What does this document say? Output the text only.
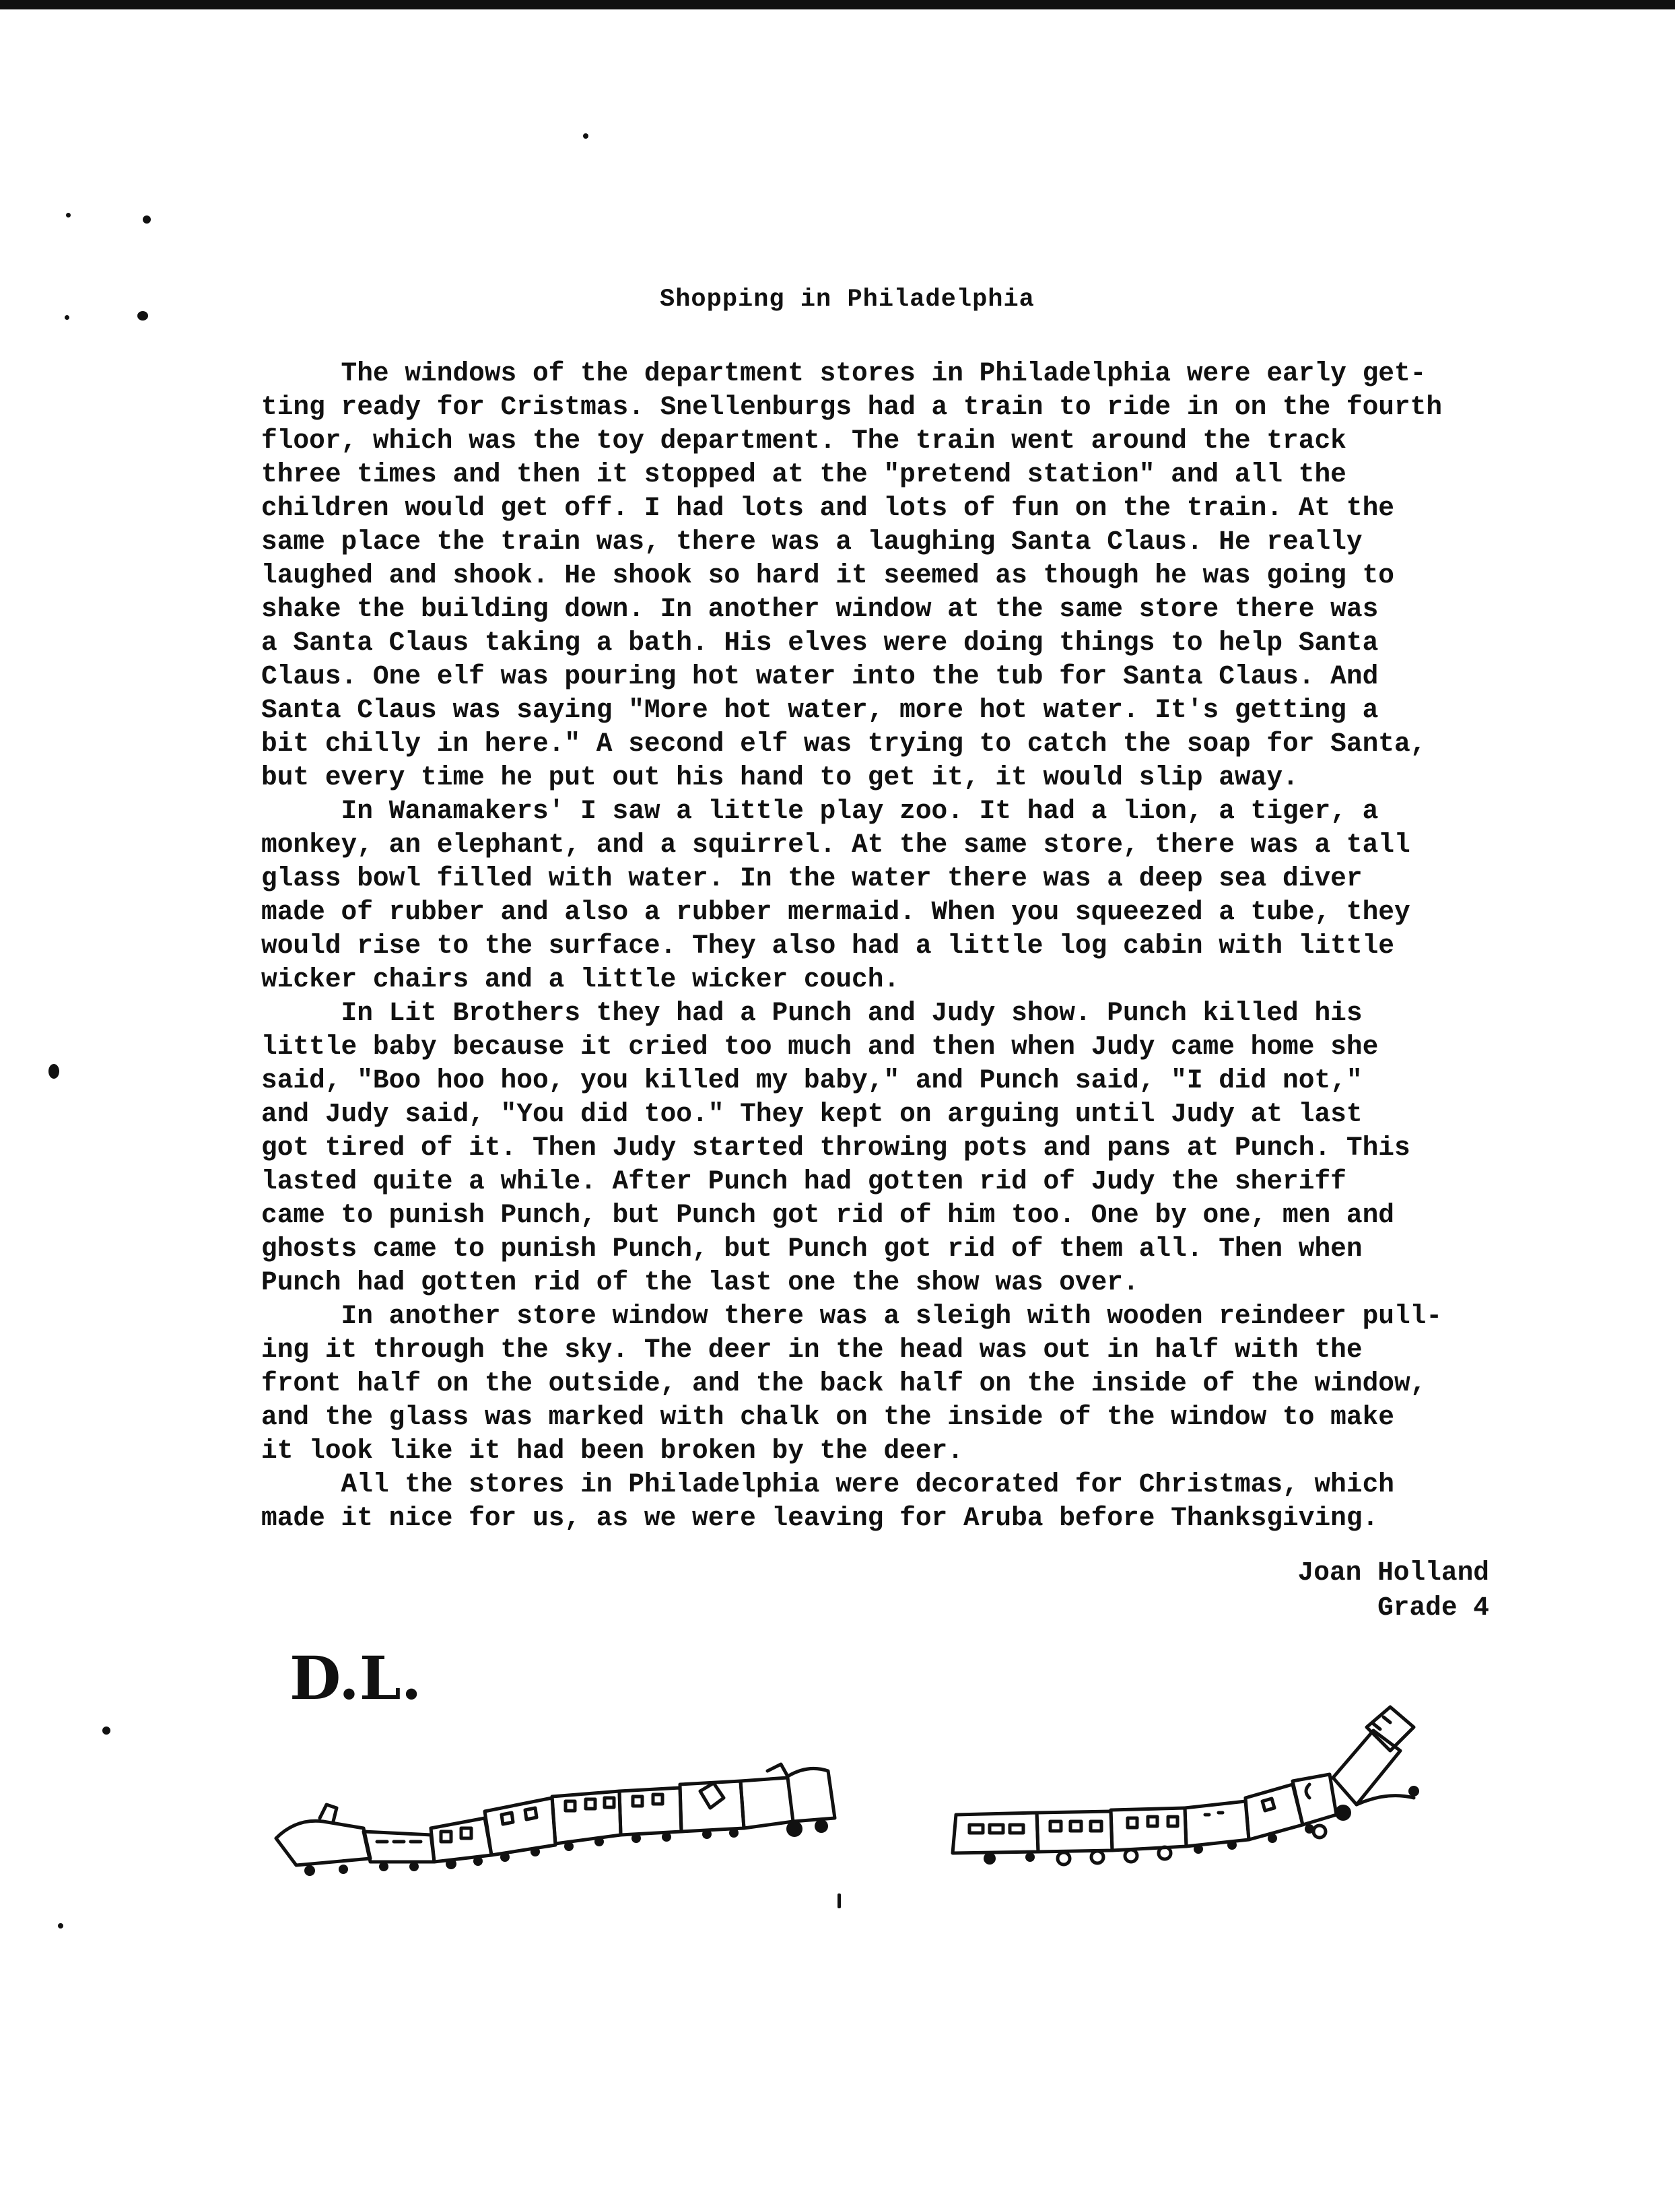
Shopping in Philadelphia
The windows of the department stores in Philadelphia were early get-
ting ready for Cristmas. Snellenburgs had a train to ride in on the fourth
floor, which was the toy department. The train went around the track
three times and then it stopped at the "pretend station" and all the
children would get off. I had lots and lots of fun on the train. At the
same place the train was, there was a laughing Santa Claus. He really
laughed and shook. He shook so hard it seemed as though he was going to
shake the building down. In another window at the same store there was
a Santa Claus taking a bath. His elves were doing things to help Santa
Claus. One elf was pouring hot water into the tub for Santa Claus. And
Santa Claus was saying "More hot water, more hot water. It's getting a
bit chilly in here." A second elf was trying to catch the soap for Santa,
but every time he put out his hand to get it, it would slip away.
In Wanamakers' I saw a little play zoo. It had a lion, a tiger, a
monkey, an elephant, and a squirrel. At the same store, there was a tall
glass bowl filled with water. In the water there was a deep sea diver
made of rubber and also a rubber mermaid. When you squeezed a tube, they
would rise to the surface. They also had a little log cabin with little
wicker chairs and a little wicker couch.
In Lit Brothers they had a Punch and Judy show. Punch killed his
little baby because it cried too much and then when Judy came home she
said, "Boo hoo hoo, you killed my baby," and Punch said, "I did not,"
and Judy said, "You did too." They kept on arguing until Judy at last
got tired of it. Then Judy started throwing pots and pans at Punch. This
lasted quite a while. After Punch had gotten rid of Judy the sheriff
came to punish Punch, but Punch got rid of him too. One by one, men and
ghosts came to punish Punch, but Punch got rid of them all. Then when
Punch had gotten rid of the last one the show was over.
In another store window there was a sleigh with wooden reindeer pull-
ing it through the sky. The deer in the head was out in half with the
front half on the outside, and the back half on the inside of the window,
and the glass was marked with chalk on the inside of the window to make
it look like it had been broken by the deer.
All the stores in Philadelphia were decorated for Christmas, which
made it nice for us, as we were leaving for Aruba before Thanksgiving.
Joan Holland
Grade 4
D.L.
